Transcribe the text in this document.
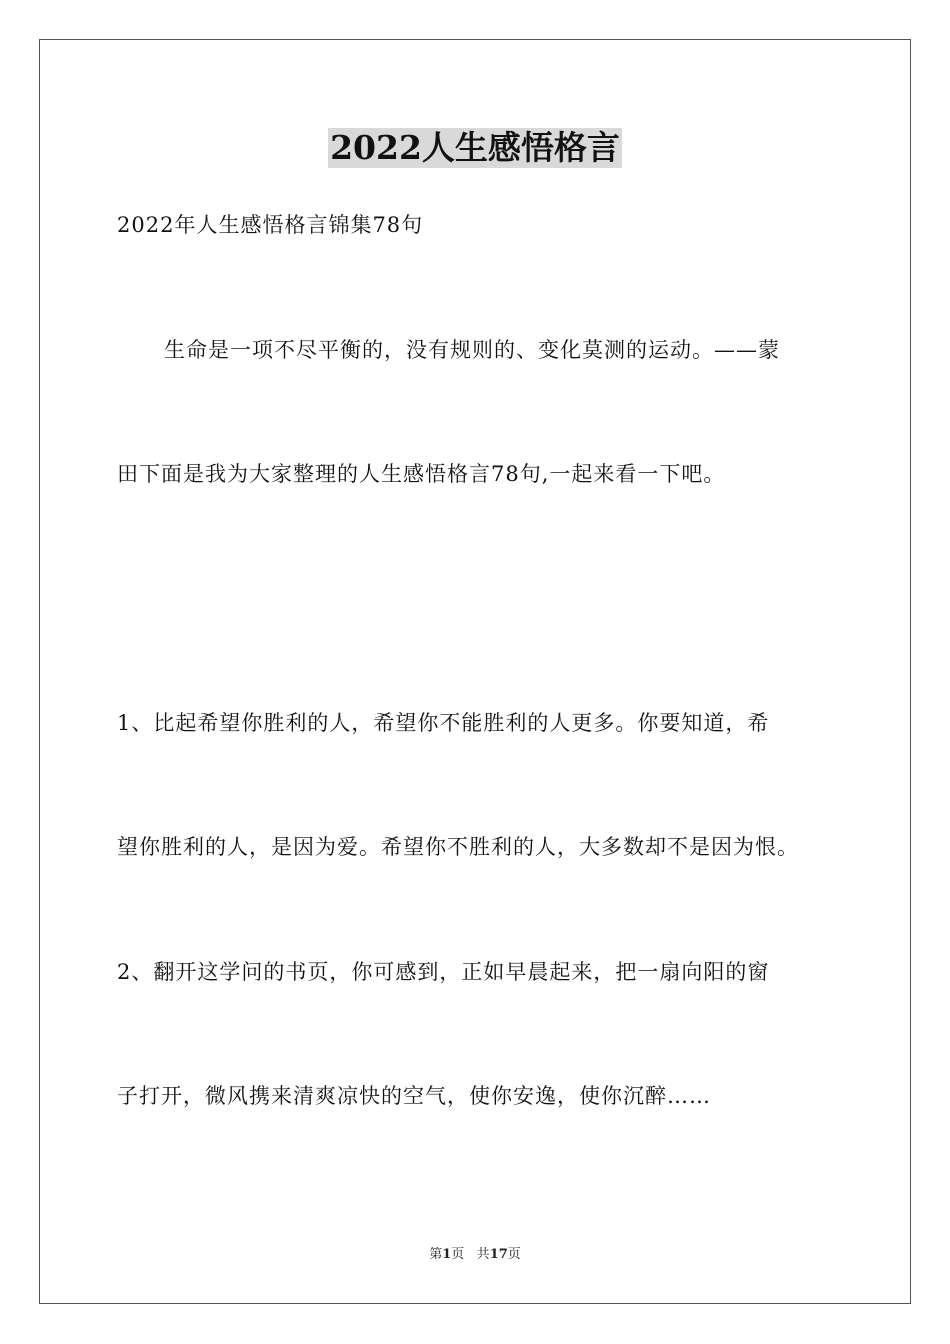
2022人生感悟格言
2022年人生感悟格言锦集78句
生命是一项不尽平衡的，没有规则的、变化莫测的运动。——蒙
田下面是我为大家整理的人生感悟格言78句,一起来看一下吧。
1、比起希望你胜利的人，希望你不能胜利的人更多。你要知道，希
望你胜利的人，是因为爱。希望你不胜利的人，大多数却不是因为恨。
2、翻开这学问的书页，你可感到，正如早晨起来，把一扇向阳的窗
子打开，微风携来清爽凉快的空气，使你安逸，使你沉醉……
第1页 共17页
